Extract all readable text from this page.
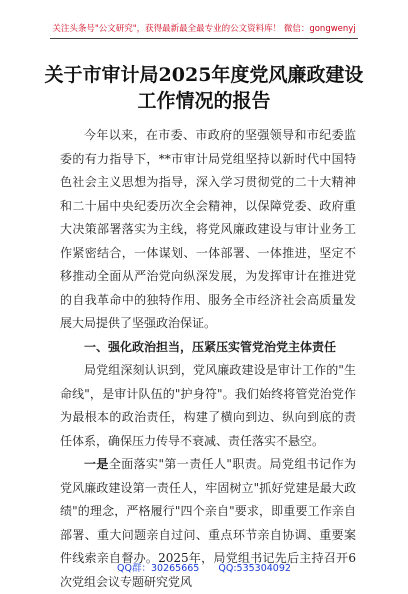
关注头条号"公文研究"，获得最新最全最专业的公文资料库！ 微信：gongwenyj
关于市审计局2025年度党风廉政建设工作情况的报告

今年以来，在市委、市政府的坚强领导和市纪委监委的有力指导下，**市审计局党组坚持以新时代中国特色社会主义思想为指导，深入学习贯彻党的二十大精神和二十届中央纪委历次全会精神，以保障党委、政府重大决策部署落实为主线，将党风廉政建设与审计业务工作紧密结合，一体谋划、一体部署、一体推进，坚定不移推动全面从严治党向纵深发展，为发挥审计在推进党的自我革命中的独特作用、服务全市经济社会高质量发展大局提供了坚强政治保证。

一、强化政治担当，压紧压实管党治党主体责任

局党组深刻认识到，党风廉政建设是审计工作的"生命线"，是审计队伍的"护身符"。我们始终将管党治党作为最根本的政治责任，构建了横向到边、纵向到底的责任体系，确保压力传导不衰减、责任落实不悬空。

一是全面落实"第一责任人"职责。局党组书记作为党风廉政建设第一责任人，牢固树立"抓好党建是最大政绩"的理念，严格履行"四个亲自"要求，即重要工作亲自部署、重大问题亲自过问、重点环节亲自协调、重要案件线索亲自督办。2025年，局党组书记先后主持召开6次党组会议专题研究党风

QQ群：30265665 QQ:535304092
